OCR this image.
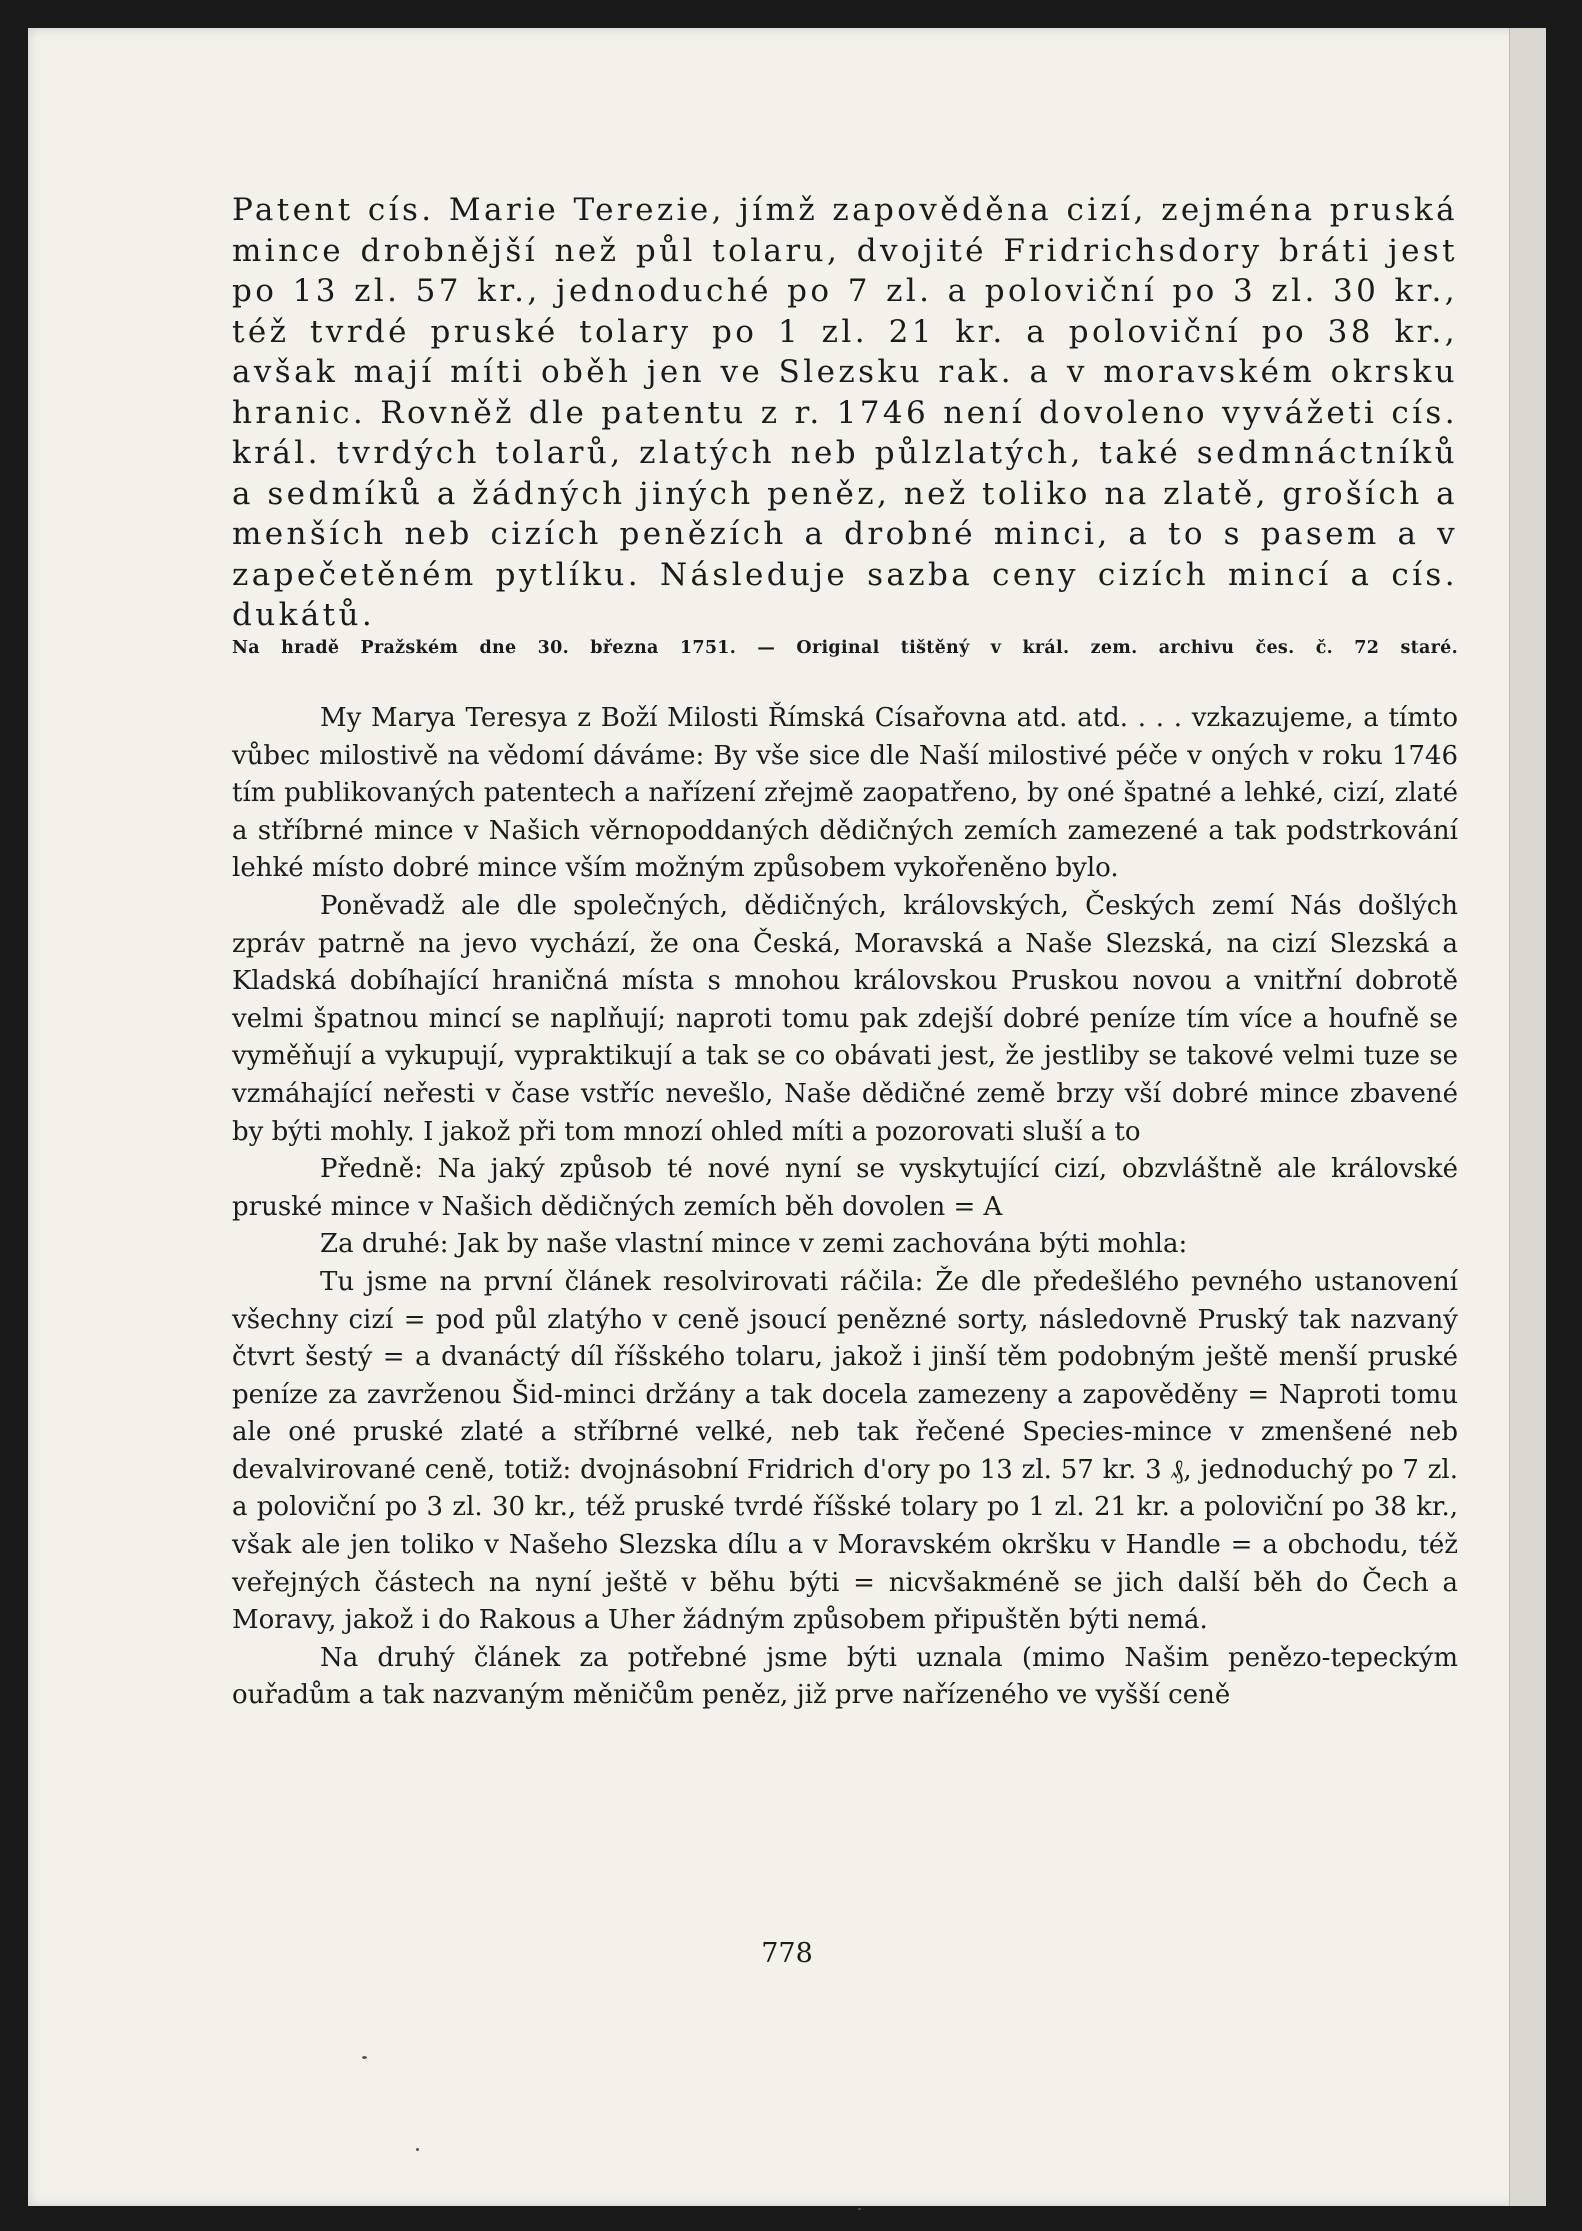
Patent cís. Marie Terezie, jímž zapověděna cizí, zejména pruská mince drobnější než půl tolaru, dvojité Fridrichsdory bráti jest po 13 zl. 57 kr., jednoduché po 7 zl. a poloviční po 3 zl. 30 kr., též tvrdé pruské tolary po 1 zl. 21 kr. a poloviční po 38 kr., avšak mají míti oběh jen ve Slezsku rak. a v moravském okrsku hranic. Rovněž dle patentu z r. 1746 není dovoleno vyvážeti cís. král. tvrdých tolarů, zlatých neb půlzlatých, také sedmnáctníků a sedmíků a žádných jiných peněz, než toliko na zlatě, groších a menších neb cizích penězích a drobné minci, a to s pasem a v zapečetěném pytlíku. Následuje sazba ceny cizích mincí a cís. dukátů.

Na hradě Pražském dne 30. března 1751. — Original tištěný v král. zem. archivu čes. č. 72 staré.

My Marya Teresya z Boží Milosti Římská Císařovna atd. atd. . . . vzkazujeme, a tímto vůbec milostivě na vědomí dáváme: By vše sice dle Naší milostivé péče v oných v roku 1746 tím publikovaných patentech a nařízení zřejmě zaopatřeno, by oné špatné a lehké, cizí, zlaté a stříbrné mince v Našich věrnopoddaných dědičných zemích zamezené a tak podstrkování lehké místo dobré mince vším možným způsobem vykořeněno bylo.

Poněvadž ale dle společných, dědičných, královských, Českých zemí Nás došlých zpráv patrně na jevo vychází, že ona Česká, Moravská a Naše Slezská, na cizí Slezská a Kladská dobíhající hraničná místa s mnohou královskou Pruskou novou a vnitřní dobrotě velmi špatnou mincí se naplňují; naproti tomu pak zdejší dobré peníze tím více a houfně se vyměňují a vykupují, vypraktikují a tak se co obávati jest, že jestliby se takové velmi tuze se vzmáhající neřesti v čase vstříc nevešlo, Naše dědičné země brzy vší dobré mince zbavené by býti mohly. I jakož při tom mnozí ohled míti a pozorovati sluší a to

Předně: Na jaký způsob té nové nyní se vyskytující cizí, obzvláštně ale královské pruské mince v Našich dědičných zemích běh dovolen = A

Za druhé: Jak by naše vlastní mince v zemi zachována býti mohla:

Tu jsme na první článek resolvirovati ráčila: Že dle předešlého pevného ustanovení všechny cizí = pod půl zlatýho v ceně jsoucí penězné sorty, následovně Pruský tak nazvaný čtvrt šestý = a dvanáctý díl říšského tolaru, jakož i jinší těm podobným ještě menší pruské peníze za zavrženou Šid-minci držány a tak docela zamezeny a zapověděny = Naproti tomu ale oné pruské zlaté a stříbrné velké, neb tak řečené Species-mince v zmenšené neb devalvirované ceně, totiž: dvojnásobní Fridrich d'ory po 13 zl. 57 kr. 3 ₰, jednoduchý po 7 zl. a poloviční po 3 zl. 30 kr., též pruské tvrdé říšské tolary po 1 zl. 21 kr. a poloviční po 38 kr., však ale jen toliko v Našeho Slezska dílu a v Moravském okršku v Handle = a obchodu, též veřejných částech na nyní ještě v běhu býti = nicvšakméně se jich další běh do Čech a Moravy, jakož i do Rakous a Uher žádným způsobem připuštěn býti nemá.

Na druhý článek za potřebné jsme býti uznala (mimo Našim penězo-tepeckým ouřadům a tak nazvaným měničům peněz, již prve nařízeného ve vyšší ceně

778
